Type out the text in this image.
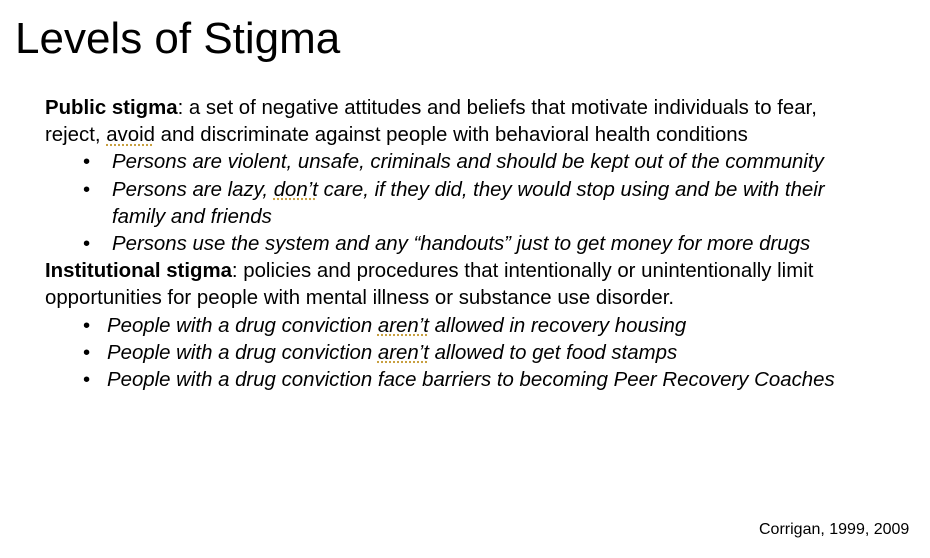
Levels of Stigma

Public stigma: a set of negative attitudes and beliefs that motivate individuals to fear, reject, avoid and discriminate against people with behavioral health conditions

• Persons are violent, unsafe, criminals and should be kept out of the community
• Persons are lazy, don’t care, if they did, they would stop using and be with their family and friends
• Persons use the system and any “handouts” just to get money for more drugs

Institutional stigma: policies and procedures that intentionally or unintentionally limit opportunities for people with mental illness or substance use disorder.

• People with a drug conviction aren’t allowed in recovery housing
• People with a drug conviction aren’t allowed to get food stamps
• People with a drug conviction face barriers to becoming Peer Recovery Coaches
Corrigan, 1999, 2009
